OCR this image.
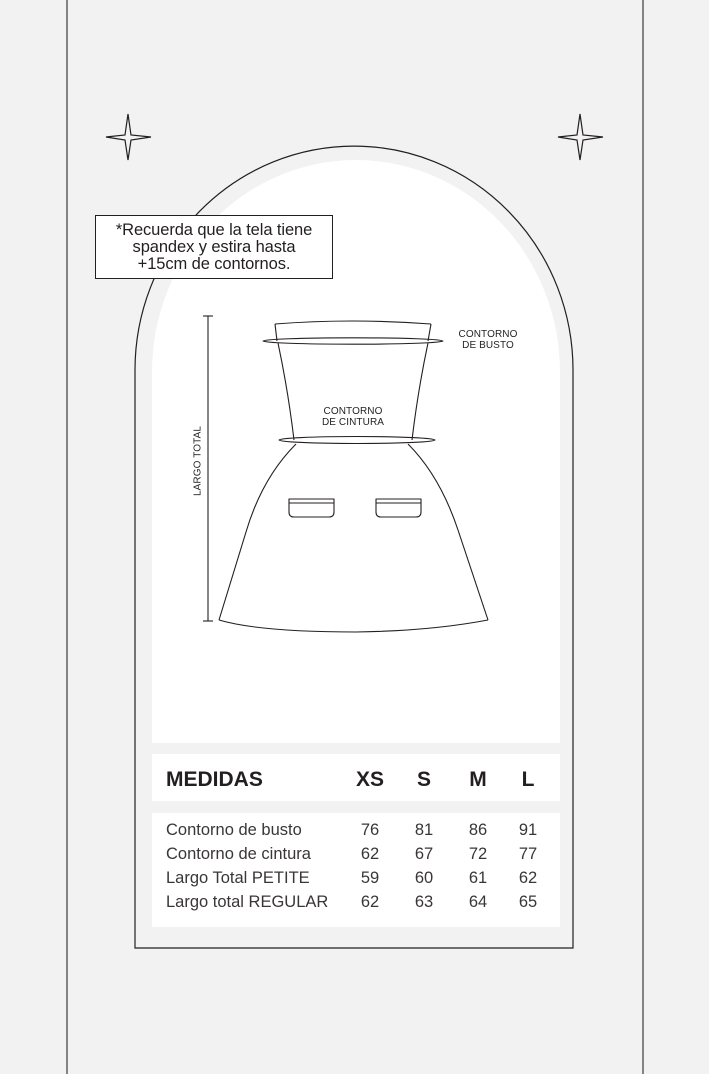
*Recuerda que la tela tiene
spandex y estira hasta
+15cm de contornos.
CONTORNO
DE BUSTO
CONTORNO
DE CINTURA
LARGO TOTAL
MEDIDAS	XS S M L
Contorno de busto	76 81 86 91
Contorno de cintura	62 67 72 77
Largo Total PETITE	59 60 61 62
Largo total REGULAR 62 63 64 65
